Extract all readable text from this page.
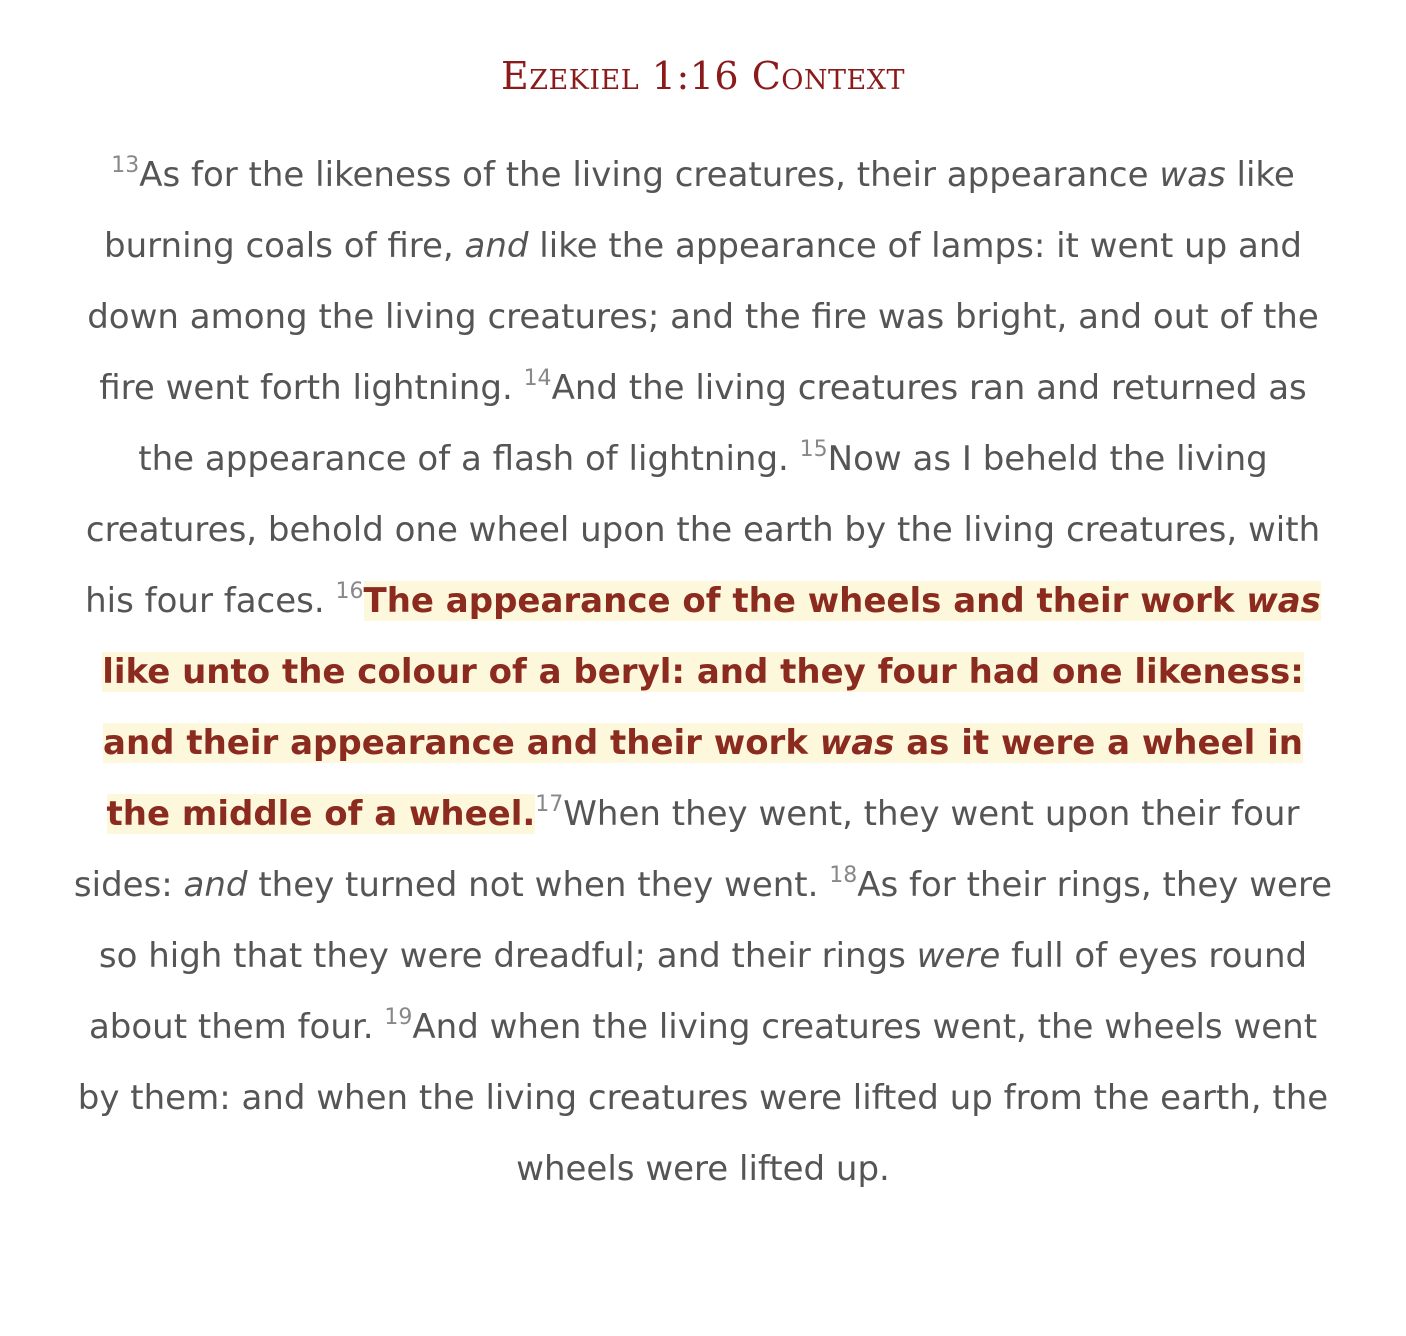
Ezekiel 1:16 Context

$^{13}$As for the likeness of the living creatures, their appearance was like burning coals of fire, and like the appearance of lamps: it went up and down among the living creatures; and the fire was bright, and out of the fire went forth lightning. $^{14}$And the living creatures ran and returned as the appearance of a flash of lightning. $^{15}$Now as I beheld the living creatures, behold one wheel upon the earth by the living creatures, with his four faces. $^{16}$The appearance of the wheels and their work was like unto the colour of a beryl: and they four had one likeness: and their appearance and their work was as it were a wheel in the middle of a wheel.$^{17}$When they went, they went upon their four sides: and they turned not when they went. $^{18}$As for their rings, they were so high that they were dreadful; and their rings were full of eyes round about them four. $^{19}$And when the living creatures went, the wheels went by them: and when the living creatures were lifted up from the earth, the wheels were lifted up.
